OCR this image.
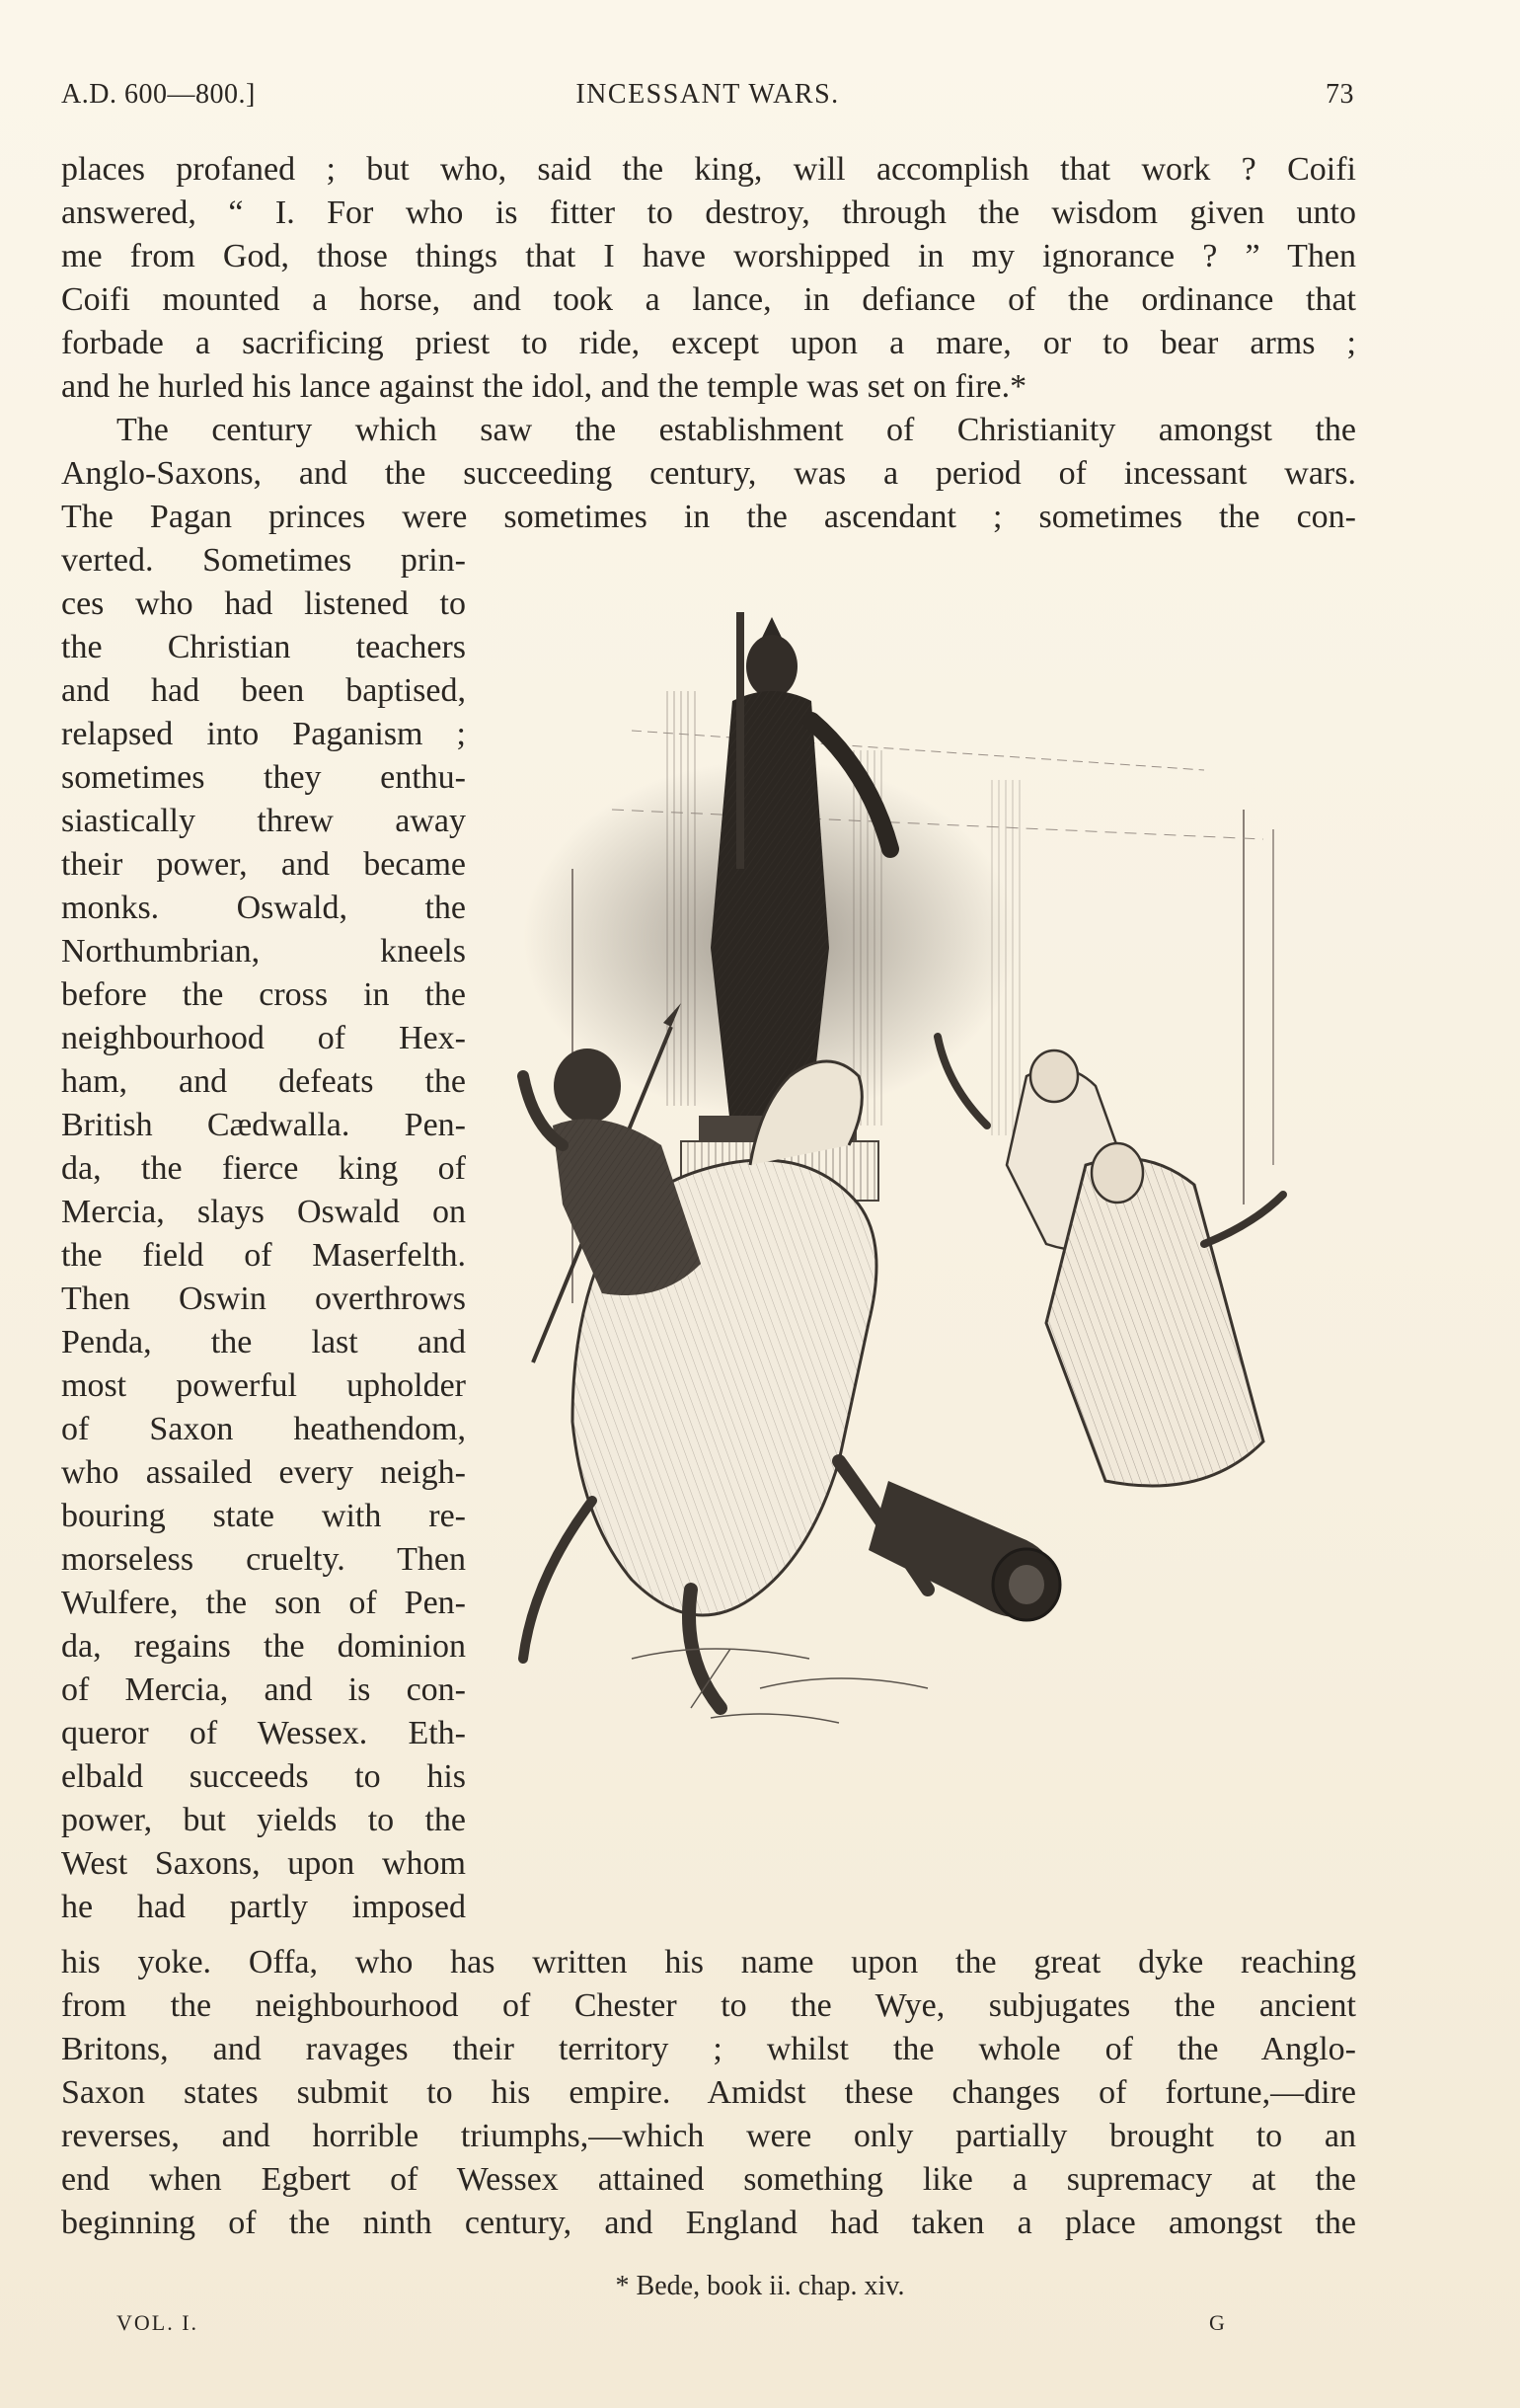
A.D. 600—800.]	INCESSANT WARS.	73
places profaned ; but who, said the king, will accomplish that work ? Coifi
answered, “ I. For who is fitter to destroy, through the wisdom given unto
me from God, those things that I have worshipped in my ignorance ? ” Then
Coifi mounted a horse, and took a lance, in defiance of the ordinance that
forbade a sacrificing priest to ride, except upon a mare, or to bear arms ;
and he hurled his lance against the idol, and the temple was set on fire.*
The century which saw the establishment of Christianity amongst the
Anglo-Saxons, and the succeeding century, was a period of incessant wars.
The Pagan princes were sometimes in the ascendant ; sometimes the con-
verted. Sometimes prin-
ces who had listened to
the Christian teachers
and had been baptised,
relapsed into Paganism ;
sometimes they enthu-
siastically threw away
their power, and became
monks. Oswald, the
Northumbrian, kneels
before the cross in the
neighbourhood of Hex-
ham, and defeats the
British Cædwalla. Pen-
da, the fierce king of
Mercia, slays Oswald on
the field of Maserfelth.
Then Oswin overthrows
Penda, the last and
most powerful upholder
of Saxon heathendom,
who assailed every neigh-
bouring state with re-
morseless cruelty. Then
Wulfere, the son of Pen-
da, regains the dominion
of Mercia, and is con-
queror of Wessex. Eth-
elbald succeeds to his
power, but yields to the
West Saxons, upon whom
he had partly imposed
his yoke. Offa, who has written his name upon the great dyke reaching
from the neighbourhood of Chester to the Wye, subjugates the ancient
Britons, and ravages their territory ; whilst the whole of the Anglo-
Saxon states submit to his empire. Amidst these changes of fortune,—dire
reverses, and horrible triumphs,—which were only partially brought to an
end when Egbert of Wessex attained something like a supremacy at the
beginning of the ninth century, and England had taken a place amongst the
* Bede, book ii. chap. xiv.
VOL. I.	G
